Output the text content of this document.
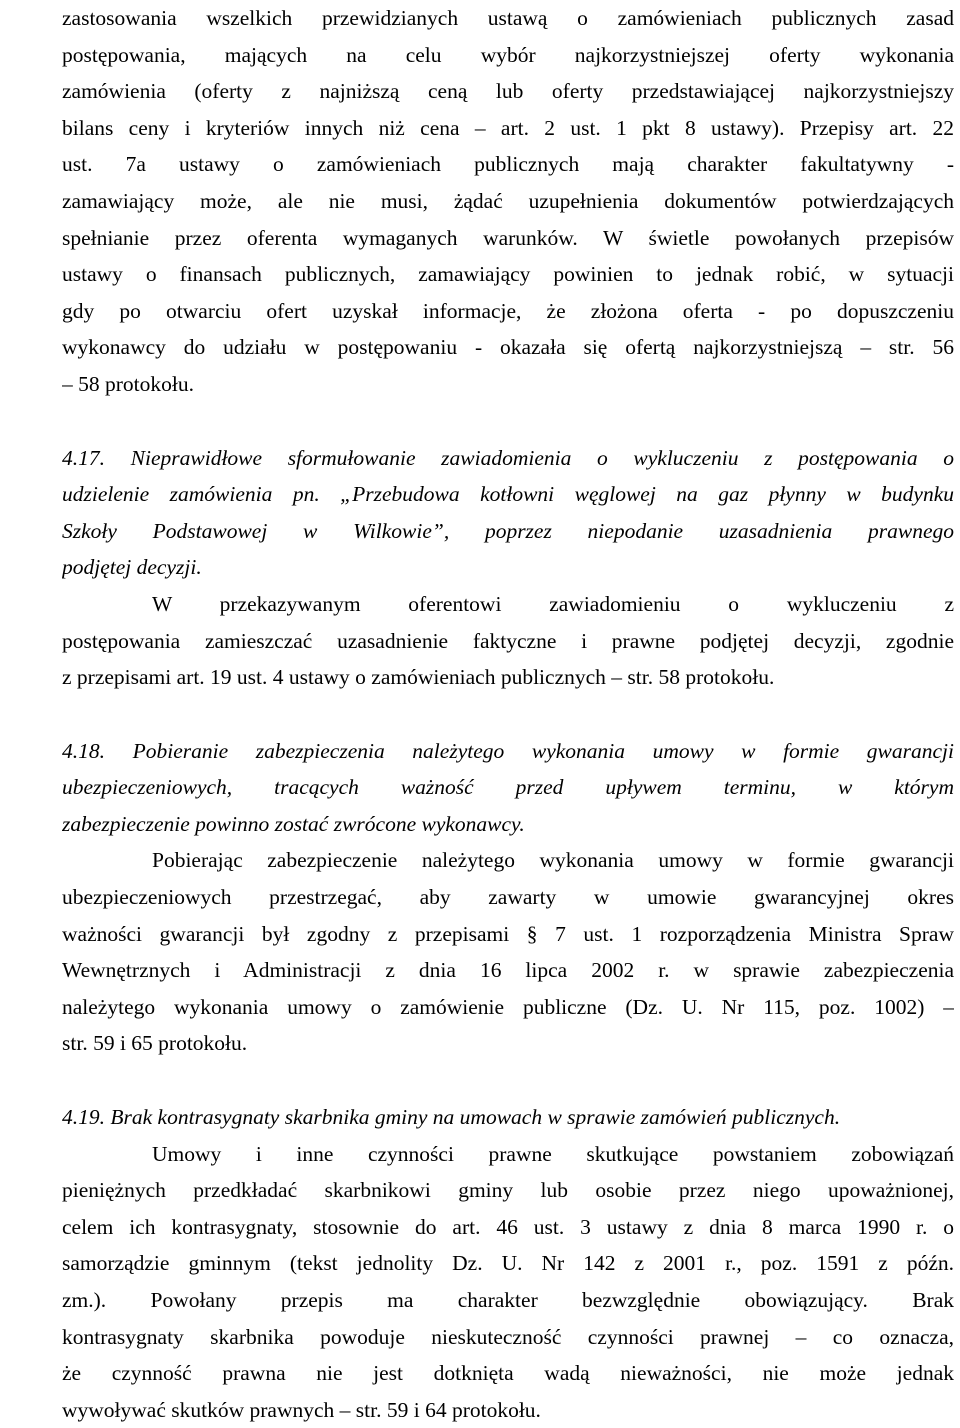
zastosowania wszelkich przewidzianych ustawą o zamówieniach publicznych zasad
postępowania, mających na celu wybór najkorzystniejszej oferty wykonania
zamówienia (oferty z najniższą ceną lub oferty przedstawiającej najkorzystniejszy
bilans ceny i kryteriów innych niż cena – art. 2 ust. 1 pkt 8 ustawy). Przepisy art. 22
ust. 7a ustawy o zamówieniach publicznych mają charakter fakultatywny -
zamawiający może, ale nie musi, żądać uzupełnienia dokumentów potwierdzających
spełnianie przez oferenta wymaganych warunków. W świetle powołanych przepisów
ustawy o finansach publicznych, zamawiający powinien to jednak robić, w sytuacji
gdy po otwarciu ofert uzyskał informacje, że złożona oferta - po dopuszczeniu
wykonawcy do udziału w postępowaniu - okazała się ofertą najkorzystniejszą – str. 56
– 58 protokołu.
4.17. Nieprawidłowe sformułowanie zawiadomienia o wykluczeniu z postępowania o
udzielenie zamówienia pn. „Przebudowa kotłowni węglowej na gaz płynny w budynku
Szkoły Podstawowej w Wilkowie”, poprzez niepodanie uzasadnienia prawnego
podjętej decyzji.
W przekazywanym oferentowi zawiadomieniu o wykluczeniu z
postępowania zamieszczać uzasadnienie faktyczne i prawne podjętej decyzji, zgodnie
z przepisami art. 19 ust. 4 ustawy o zamówieniach publicznych – str. 58 protokołu.
4.18. Pobieranie zabezpieczenia należytego wykonania umowy w formie gwarancji
ubezpieczeniowych, tracących ważność przed upływem terminu, w którym
zabezpieczenie powinno zostać zwrócone wykonawcy.
Pobierając zabezpieczenie należytego wykonania umowy w formie gwarancji
ubezpieczeniowych przestrzegać, aby zawarty w umowie gwarancyjnej okres
ważności gwarancji był zgodny z przepisami § 7 ust. 1 rozporządzenia Ministra Spraw
Wewnętrznych i Administracji z dnia 16 lipca 2002 r. w sprawie zabezpieczenia
należytego wykonania umowy o zamówienie publiczne (Dz. U. Nr 115, poz. 1002) –
str. 59 i 65 protokołu.
4.19. Brak kontrasygnaty skarbnika gminy na umowach w sprawie zamówień publicznych.
Umowy i inne czynności prawne skutkujące powstaniem zobowiązań
pieniężnych przedkładać skarbnikowi gminy lub osobie przez niego upoważnionej,
celem ich kontrasygnaty, stosownie do art. 46 ust. 3 ustawy z dnia 8 marca 1990 r. o
samorządzie gminnym (tekst jednolity Dz. U. Nr 142 z 2001 r., poz. 1591 z późn.
zm.). Powołany przepis ma charakter bezwzględnie obowiązujący. Brak
kontrasygnaty skarbnika powoduje nieskuteczność czynności prawnej – co oznacza,
że czynność prawna nie jest dotknięta wadą nieważności, nie może jednak
wywoływać skutków prawnych – str. 59 i 64 protokołu.
